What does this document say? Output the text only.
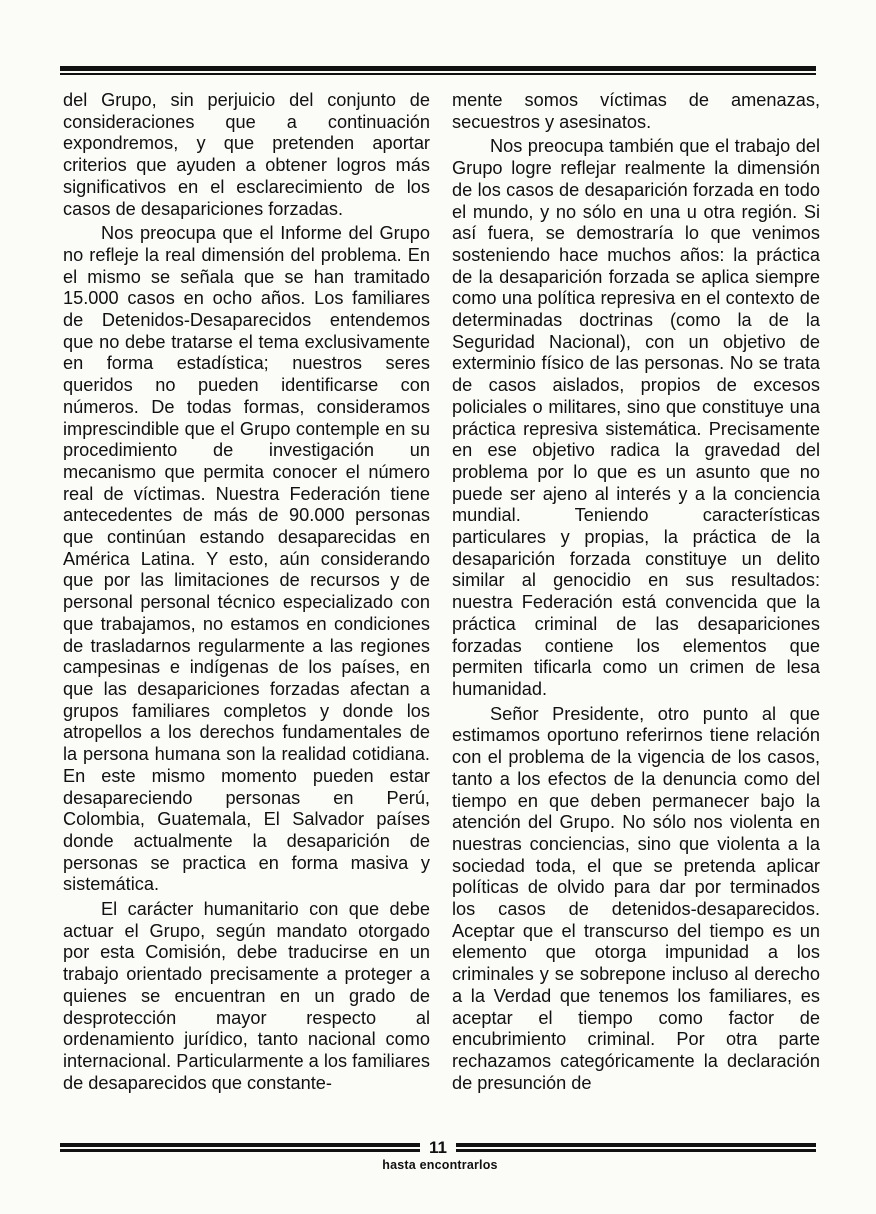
del Grupo, sin perjuicio del conjunto de consideraciones que a continuación expondremos, y que pretenden aportar criterios que ayuden a obtener logros más significativos en el esclarecimiento de los casos de desapariciones forzadas.

Nos preocupa que el Informe del Grupo no refleje la real dimensión del problema. En el mismo se señala que se han tramitado 15.000 casos en ocho años. Los familiares de Detenidos-Desaparecidos entendemos que no debe tratarse el tema exclusivamente en forma estadística; nuestros seres queridos no pueden identificarse con números. De todas formas, consideramos imprescindible que el Grupo contemple en su procedimiento de investigación un mecanismo que permita conocer el número real de víctimas. Nuestra Federación tiene antecedentes de más de 90.000 personas que continúan estando desaparecidas en América Latina. Y esto, aún considerando que por las limitaciones de recursos y de personal personal técnico especializado con que trabajamos, no estamos en condiciones de trasladarnos regularmente a las regiones campesinas e indígenas de los países, en que las desapariciones forzadas afectan a grupos familiares completos y donde los atropellos a los derechos fundamentales de la persona humana son la realidad cotidiana. En este mismo momento pueden estar desapareciendo personas en Perú, Colombia, Guatemala, El Salvador países donde actualmente la desaparición de personas se practica en forma masiva y sistemática.

El carácter humanitario con que debe actuar el Grupo, según mandato otorgado por esta Comisión, debe traducirse en un trabajo orientado precisamente a proteger a quienes se encuentran en un grado de desprotección mayor respecto al ordenamiento jurídico, tanto nacional como internacional. Particularmente a los familiares de desaparecidos que constante-

mente somos víctimas de amenazas, secuestros y asesinatos.

Nos preocupa también que el trabajo del Grupo logre reflejar realmente la dimensión de los casos de desaparición forzada en todo el mundo, y no sólo en una u otra región. Si así fuera, se demostraría lo que venimos sosteniendo hace muchos años: la práctica de la desaparición forzada se aplica siempre como una política represiva en el contexto de determinadas doctrinas (como la de la Seguridad Nacional), con un objetivo de exterminio físico de las personas. No se trata de casos aislados, propios de excesos policiales o militares, sino que constituye una práctica represiva sistemática. Precisamente en ese objetivo radica la gravedad del problema por lo que es un asunto que no puede ser ajeno al interés y a la conciencia mundial. Teniendo características particulares y propias, la práctica de la desaparición forzada constituye un delito similar al genocidio en sus resultados: nuestra Federación está convencida que la práctica criminal de las desapariciones forzadas contiene los elementos que permiten tificarla como un crimen de lesa humanidad.

Señor Presidente, otro punto al que estimamos oportuno referirnos tiene relación con el problema de la vigencia de los casos, tanto a los efectos de la denuncia como del tiempo en que deben permanecer bajo la atención del Grupo. No sólo nos violenta en nuestras conciencias, sino que violenta a la sociedad toda, el que se pretenda aplicar políticas de olvido para dar por terminados los casos de detenidos-desaparecidos. Aceptar que el transcurso del tiempo es un elemento que otorga impunidad a los criminales y se sobrepone incluso al derecho a la Verdad que tenemos los familiares, es aceptar el tiempo como factor de encubrimiento criminal. Por otra parte rechazamos categóricamente la declaración de presunción de

11
hasta encontrarlos
